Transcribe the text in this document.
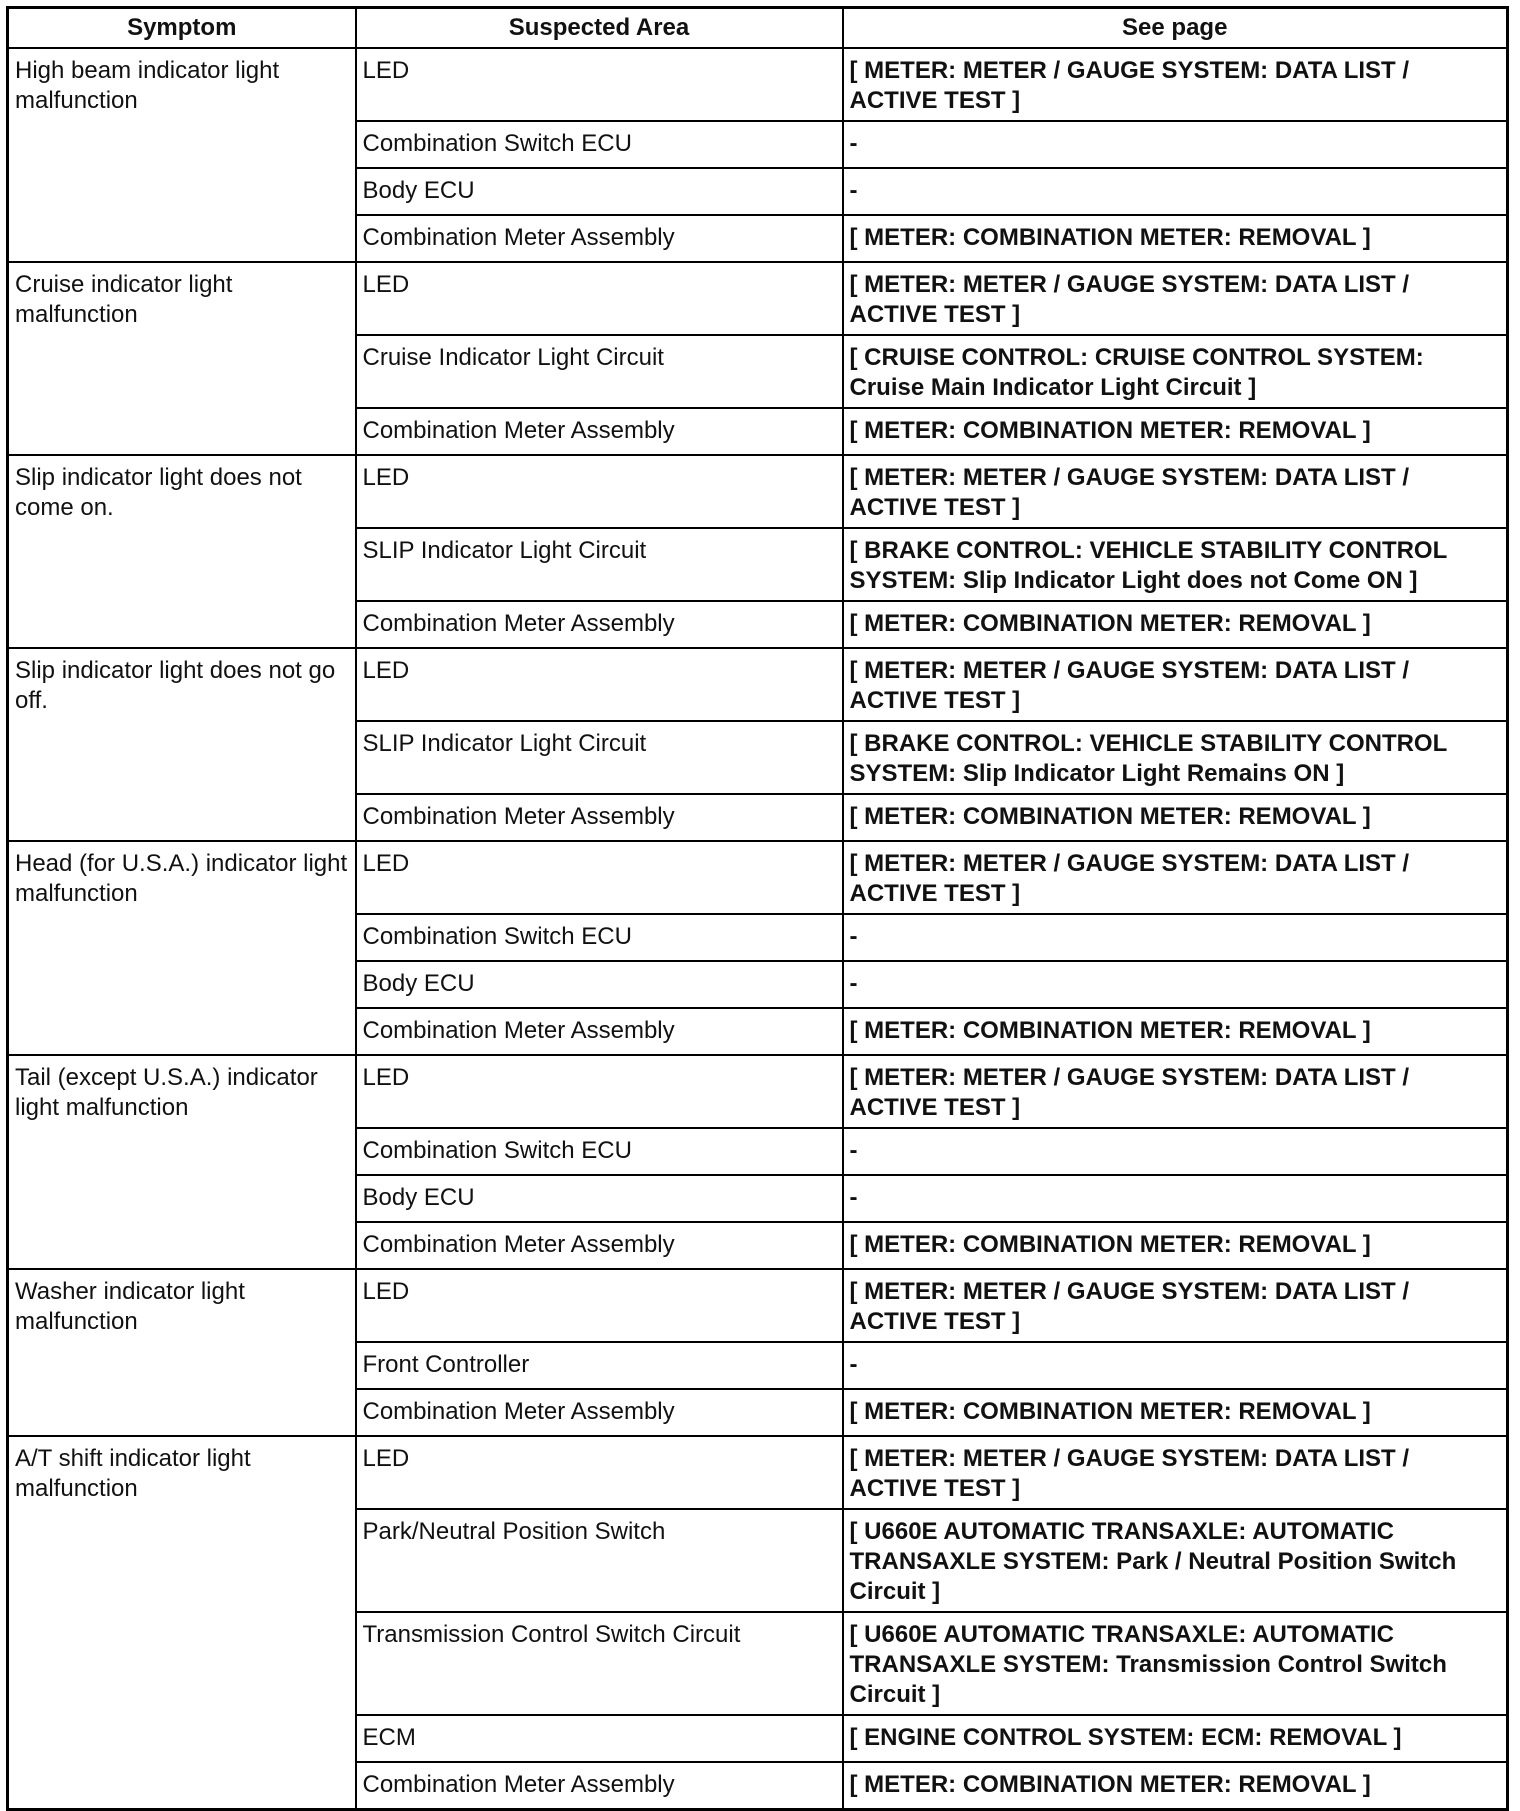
Symptom	Suspected Area	See page
High beam indicator light malfunction	LED	[ METER: METER / GAUGE SYSTEM: DATA LIST / ACTIVE TEST ]
	Combination Switch ECU	-
	Body ECU	-
	Combination Meter Assembly	[ METER: COMBINATION METER: REMOVAL ]
Cruise indicator light malfunction	LED	[ METER: METER / GAUGE SYSTEM: DATA LIST / ACTIVE TEST ]
	Cruise Indicator Light Circuit	[ CRUISE CONTROL: CRUISE CONTROL SYSTEM: Cruise Main Indicator Light Circuit ]
	Combination Meter Assembly	[ METER: COMBINATION METER: REMOVAL ]
Slip indicator light does not come on.	LED	[ METER: METER / GAUGE SYSTEM: DATA LIST / ACTIVE TEST ]
	SLIP Indicator Light Circuit	[ BRAKE CONTROL: VEHICLE STABILITY CONTROL SYSTEM: Slip Indicator Light does not Come ON ]
	Combination Meter Assembly	[ METER: COMBINATION METER: REMOVAL ]
Slip indicator light does not go off.	LED	[ METER: METER / GAUGE SYSTEM: DATA LIST / ACTIVE TEST ]
	SLIP Indicator Light Circuit	[ BRAKE CONTROL: VEHICLE STABILITY CONTROL SYSTEM: Slip Indicator Light Remains ON ]
	Combination Meter Assembly	[ METER: COMBINATION METER: REMOVAL ]
Head (for U.S.A.) indicator light malfunction	LED	[ METER: METER / GAUGE SYSTEM: DATA LIST / ACTIVE TEST ]
	Combination Switch ECU	-
	Body ECU	-
	Combination Meter Assembly	[ METER: COMBINATION METER: REMOVAL ]
Tail (except U.S.A.) indicator light malfunction	LED	[ METER: METER / GAUGE SYSTEM: DATA LIST / ACTIVE TEST ]
	Combination Switch ECU	-
	Body ECU	-
	Combination Meter Assembly	[ METER: COMBINATION METER: REMOVAL ]
Washer indicator light malfunction	LED	[ METER: METER / GAUGE SYSTEM: DATA LIST / ACTIVE TEST ]
	Front Controller	-
	Combination Meter Assembly	[ METER: COMBINATION METER: REMOVAL ]
A/T shift indicator light malfunction	LED	[ METER: METER / GAUGE SYSTEM: DATA LIST / ACTIVE TEST ]
	Park/Neutral Position Switch	[ U660E AUTOMATIC TRANSAXLE: AUTOMATIC TRANSAXLE SYSTEM: Park / Neutral Position Switch Circuit ]
	Transmission Control Switch Circuit	[ U660E AUTOMATIC TRANSAXLE: AUTOMATIC TRANSAXLE SYSTEM: Transmission Control Switch Circuit ]
	ECM	[ ENGINE CONTROL SYSTEM: ECM: REMOVAL ]
	Combination Meter Assembly	[ METER: COMBINATION METER: REMOVAL ]
